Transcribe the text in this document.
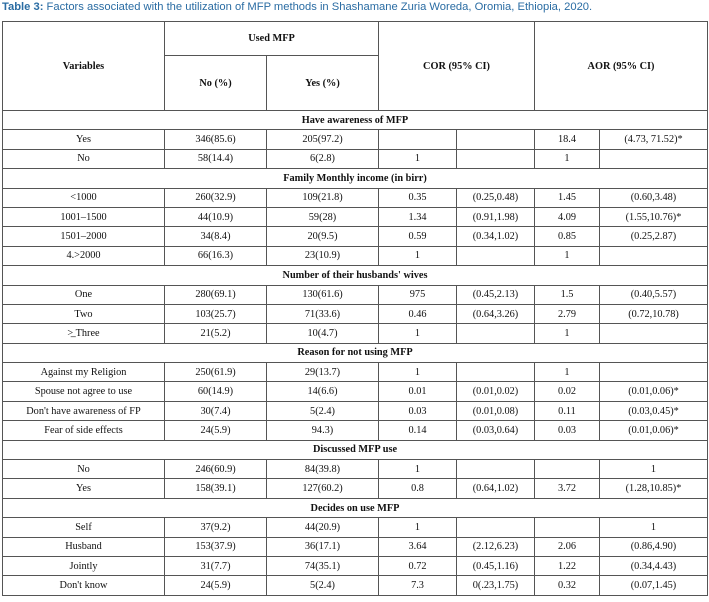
Table 3: Factors associated with the utilization of MFP methods in Shashamane Zuria Woreda, Oromia, Ethiopia, 2020.
Variables	Used MFP		COR (95% CI)		AOR (95% CI)	
	No (%)	Yes (%)				
Have awareness of MFP						
Yes	346(85.6)	205(97.2)			18.4	(4.73, 71.52)*
No	58(14.4)	6(2.8)	1		1	
Family Monthly income (in birr)						
<1000	260(32.9)	109(21.8)	0.35	(0.25,0.48)	1.45	(0.60,3.48)
1001–1500	44(10.9)	59(28)	1.34	(0.91,1.98)	4.09	(1.55,10.76)*
1501–2000	34(8.4)	20(9.5)	0.59	(0.34,1.02)	0.85	(0.25,2.87)
4.>2000	66(16.3)	23(10.9)	1		1	
Number of their husbands' wives						
One	280(69.1)	130(61.6)	975	(0.45,2.13)	1.5	(0.40,5.57)
Two	103(25.7)	71(33.6)	0.46	(0.64,3.26)	2.79	(0.72,10.78)
>̲ Three	21(5.2)	10(4.7)	1		1	
Reason for not using MFP						
Against my Religion	250(61.9)	29(13.7)	1		1	
Spouse not agree to use	60(14.9)	14(6.6)	0.01	(0.01,0.02)	0.02	(0.01,0.06)*
Don't have awareness of FP	30(7.4)	5(2.4)	0.03	(0.01,0.08)	0.11	(0.03,0.45)*
Fear of side effects	24(5.9)	94.3)	0.14	(0.03,0.64)	0.03	(0.01,0.06)*
Discussed MFP use						
No	246(60.9)	84(39.8)	1			1
Yes	158(39.1)	127(60.2)	0.8	(0.64,1.02)	3.72	(1.28,10.85)*
Decides on use MFP						
Self	37(9.2)	44(20.9)	1			1
Husband	153(37.9)	36(17.1)	3.64	(2.12,6.23)	2.06	(0.86,4.90)
Jointly	31(7.7)	74(35.1)	0.72	(0.45,1.16)	1.22	(0.34,4.43)
Don't know	24(5.9)	5(2.4)	7.3	0(.23,1.75)	0.32	(0.07,1.45)
